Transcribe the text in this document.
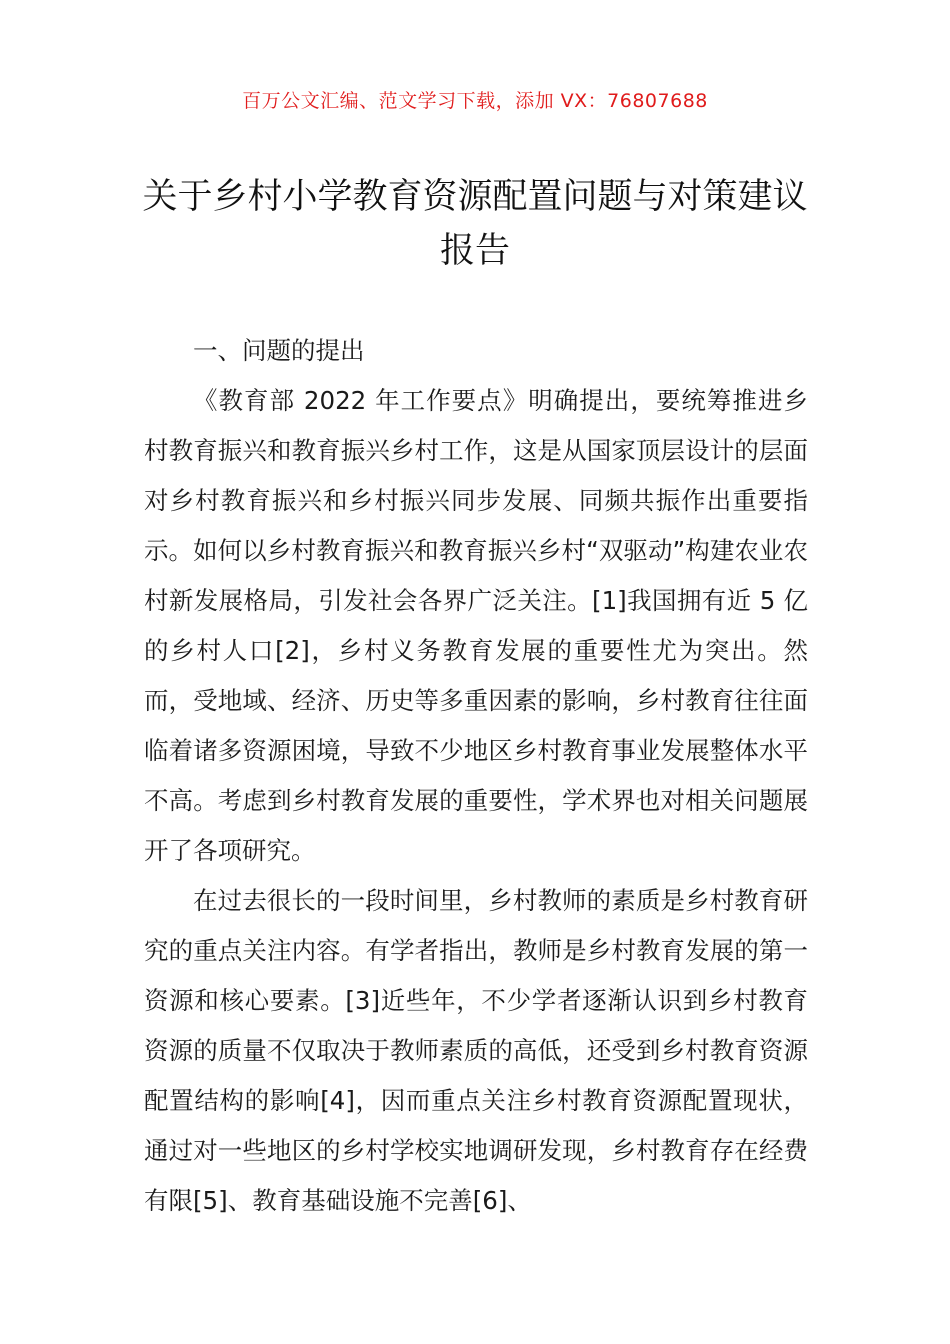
百万公文汇编、范文学习下载，添加 VX：76807688
关于乡村小学教育资源配置问题与对策建议报告

一、问题的提出

《教育部 2022 年工作要点》明确提出，要统筹推进乡村教育振兴和教育振兴乡村工作，这是从国家顶层设计的层面对乡村教育振兴和乡村振兴同步发展、同频共振作出重要指示。如何以乡村教育振兴和教育振兴乡村“双驱动”构建农业农村新发展格局，引发社会各界广泛关注。[1]我国拥有近 5 亿的乡村人口[2]，乡村义务教育发展的重要性尤为突出。然而，受地域、经济、历史等多重因素的影响，乡村教育往往面临着诸多资源困境，导致不少地区乡村教育事业发展整体水平不高。考虑到乡村教育发展的重要性，学术界也对相关问题展开了各项研究。

在过去很长的一段时间里，乡村教师的素质是乡村教育研究的重点关注内容。有学者指出，教师是乡村教育发展的第一资源和核心要素。[3]近些年，不少学者逐渐认识到乡村教育资源的质量不仅取决于教师素质的高低，还受到乡村教育资源配置结构的影响[4]，因而重点关注乡村教育资源配置现状，通过对一些地区的乡村学校实地调研发现，乡村教育存在经费有限[5]、教育基础设施不完善[6]、
